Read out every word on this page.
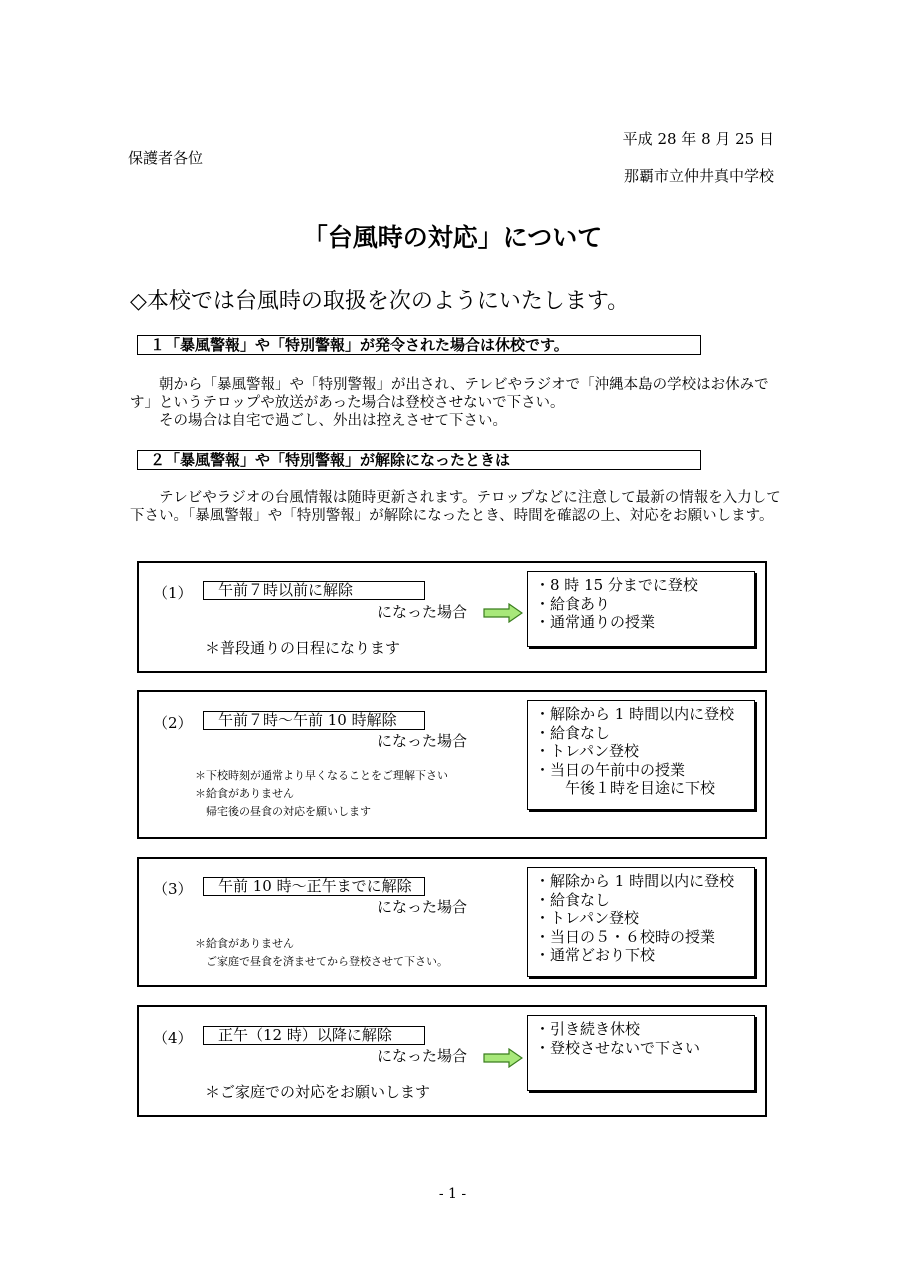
平成 28 年 8 月 25 日
保護者各位
那覇市立仲井真中学校
「台風時の対応」について
◇本校では台風時の取扱を次のようにいたします。
１「暴風警報」や「特別警報」が発令された場合は休校です。

朝から「暴風警報」や「特別警報」が出され、テレビやラジオで「沖縄本島の学校はお休みです」というテロップや放送があった場合は登校させないで下さい。

その場合は自宅で過ごし、外出は控えさせて下さい。

２「暴風警報」や「特別警報」が解除になったときは

テレビやラジオの台風情報は随時更新されます。テロップなどに注意して最新の情報を入力して下さい。「暴風警報」や「特別警報」が解除になったとき、時間を確認の上、対応をお願いします。

（1）	午前７時以前に解除
になった場合
・8 時 15 分までに登校
・給食あり
・通常通りの授業
＊普段通りの日程になります
（2）	午前７時～午前 10 時解除
になった場合
・解除から 1 時間以内に登校
・給食なし
・トレパン登校
・当日の午前中の授業
　　午後１時を目途に下校
＊下校時刻が通常より早くなることをご理解下さい
＊給食がありません
　帰宅後の昼食の対応を願いします
（3）	午前 10 時～正午までに解除
になった場合
・解除から 1 時間以内に登校
・給食なし
・トレパン登校
・当日の５・６校時の授業
・通常どおり下校
＊給食がありません
　ご家庭で昼食を済ませてから登校させて下さい。
（4）	正午（12 時）以降に解除
になった場合
・引き続き休校
・登校させないで下さい
＊ご家庭での対応をお願いします
- 1 -
